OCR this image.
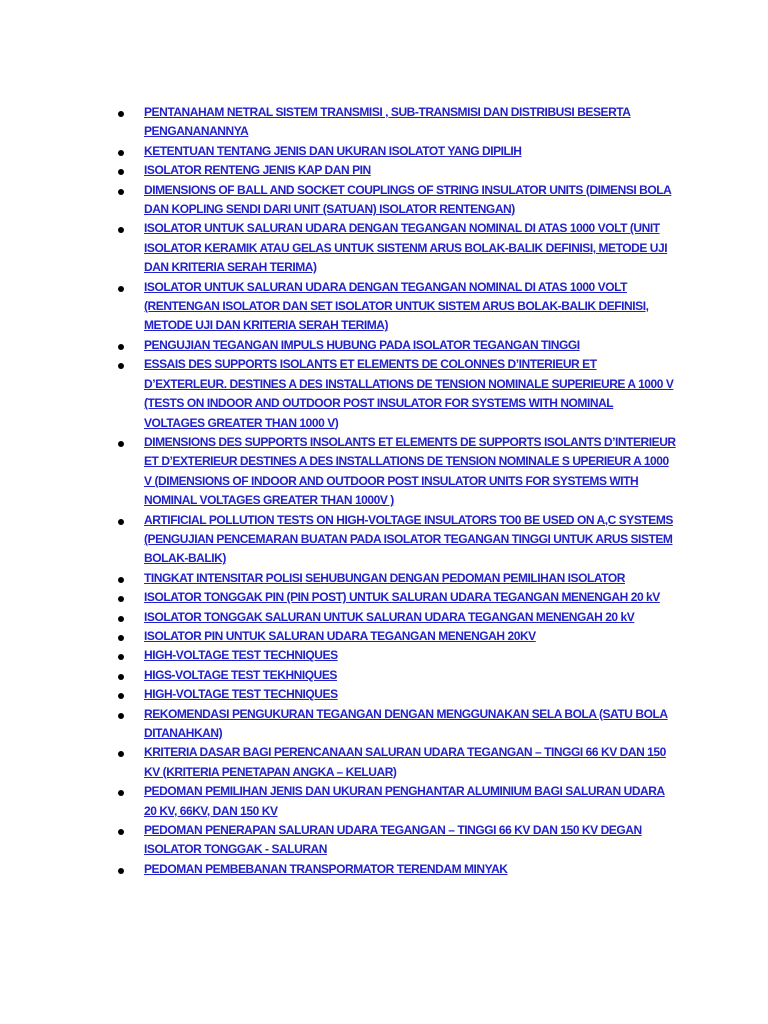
PENTANAHAM NETRAL SISTEM TRANSMISI , SUB-TRANSMISI DAN DISTRIBUSI BESERTA PENGANANANNYA
KETENTUAN TENTANG JENIS DAN UKURAN ISOLATOT YANG DIPILIH
ISOLATOR RENTENG JENIS KAP DAN PIN
DIMENSIONS OF BALL AND SOCKET COUPLINGS OF STRING INSULATOR UNITS (DIMENSI BOLA DAN KOPLING SENDI DARI UNIT (SATUAN) ISOLATOR RENTENGAN)
ISOLATOR UNTUK SALURAN UDARA DENGAN TEGANGAN NOMINAL DI ATAS 1000 VOLT (UNIT ISOLATOR KERAMIK ATAU GELAS UNTUK SISTENM ARUS BOLAK-BALIK DEFINISI, METODE UJI DAN KRITERIA SERAH TERIMA)
ISOLATOR UNTUK SALURAN UDARA DENGAN TEGANGAN NOMINAL DI ATAS 1000 VOLT (RENTENGAN ISOLATOR DAN SET ISOLATOR UNTUK SISTEM ARUS BOLAK-BALIK DEFINISI, METODE UJI DAN KRITERIA SERAH TERIMA)
PENGUJIAN TEGANGAN IMPULS HUBUNG PADA ISOLATOR TEGANGAN TINGGI
ESSAIS DES SUPPORTS ISOLANTS ET ELEMENTS DE COLONNES D’INTERIEUR ET D’EXTERLEUR. DESTINES A DES INSTALLATIONS DE TENSION NOMINALE SUPERIEURE A 1000 V (TESTS ON INDOOR AND OUTDOOR POST INSULATOR FOR SYSTEMS WITH NOMINAL VOLTAGES GREATER THAN 1000 V)
DIMENSIONS DES SUPPORTS INSOLANTS ET ELEMENTS DE SUPPORTS ISOLANTS D’INTERIEUR ET D’EXTERIEUR DESTINES A DES INSTALLATIONS DE TENSION NOMINALE S UPERIEUR A 1000 V (DIMENSIONS OF INDOOR AND OUTDOOR POST INSULATOR UNITS FOR SYSTEMS WITH NOMINAL VOLTAGES GREATER THAN 1000V )
ARTIFICIAL POLLUTION TESTS ON HIGH-VOLTAGE INSULATORS TO0 BE USED ON A,C SYSTEMS (PENGUJIAN PENCEMARAN BUATAN PADA ISOLATOR TEGANGAN TINGGI UNTUK ARUS SISTEM BOLAK-BALIK)
TINGKAT INTENSITAR POLISI SEHUBUNGAN DENGAN PEDOMAN PEMILIHAN ISOLATOR
ISOLATOR TONGGAK PIN (PIN POST) UNTUK SALURAN UDARA TEGANGAN MENENGAH 20 kV
ISOLATOR TONGGAK SALURAN UNTUK SALURAN UDARA TEGANGAN MENENGAH 20 kV
ISOLATOR PIN UNTUK SALURAN UDARA TEGANGAN MENENGAH 20KV
HIGH-VOLTAGE TEST TECHNIQUES
HIGS-VOLTAGE TEST TEKHNIQUES
HIGH-VOLTAGE TEST TECHNIQUES
REKOMENDASI PENGUKURAN TEGANGAN DENGAN MENGGUNAKAN SELA BOLA (SATU BOLA DITANAHKAN)
KRITERIA DASAR BAGI PERENCANAAN SALURAN UDARA TEGANGAN – TINGGI 66 KV DAN 150 KV (KRITERIA PENETAPAN ANGKA – KELUAR)
PEDOMAN PEMILIHAN JENIS DAN UKURAN PENGHANTAR ALUMINIUM BAGI SALURAN UDARA 20 KV, 66KV, DAN 150 KV
PEDOMAN PENERAPAN SALURAN UDARA TEGANGAN – TINGGI 66 KV DAN 150 KV DEGAN ISOLATOR TONGGAK - SALURAN
PEDOMAN PEMBEBANAN TRANSPORMATOR TERENDAM MINYAK
